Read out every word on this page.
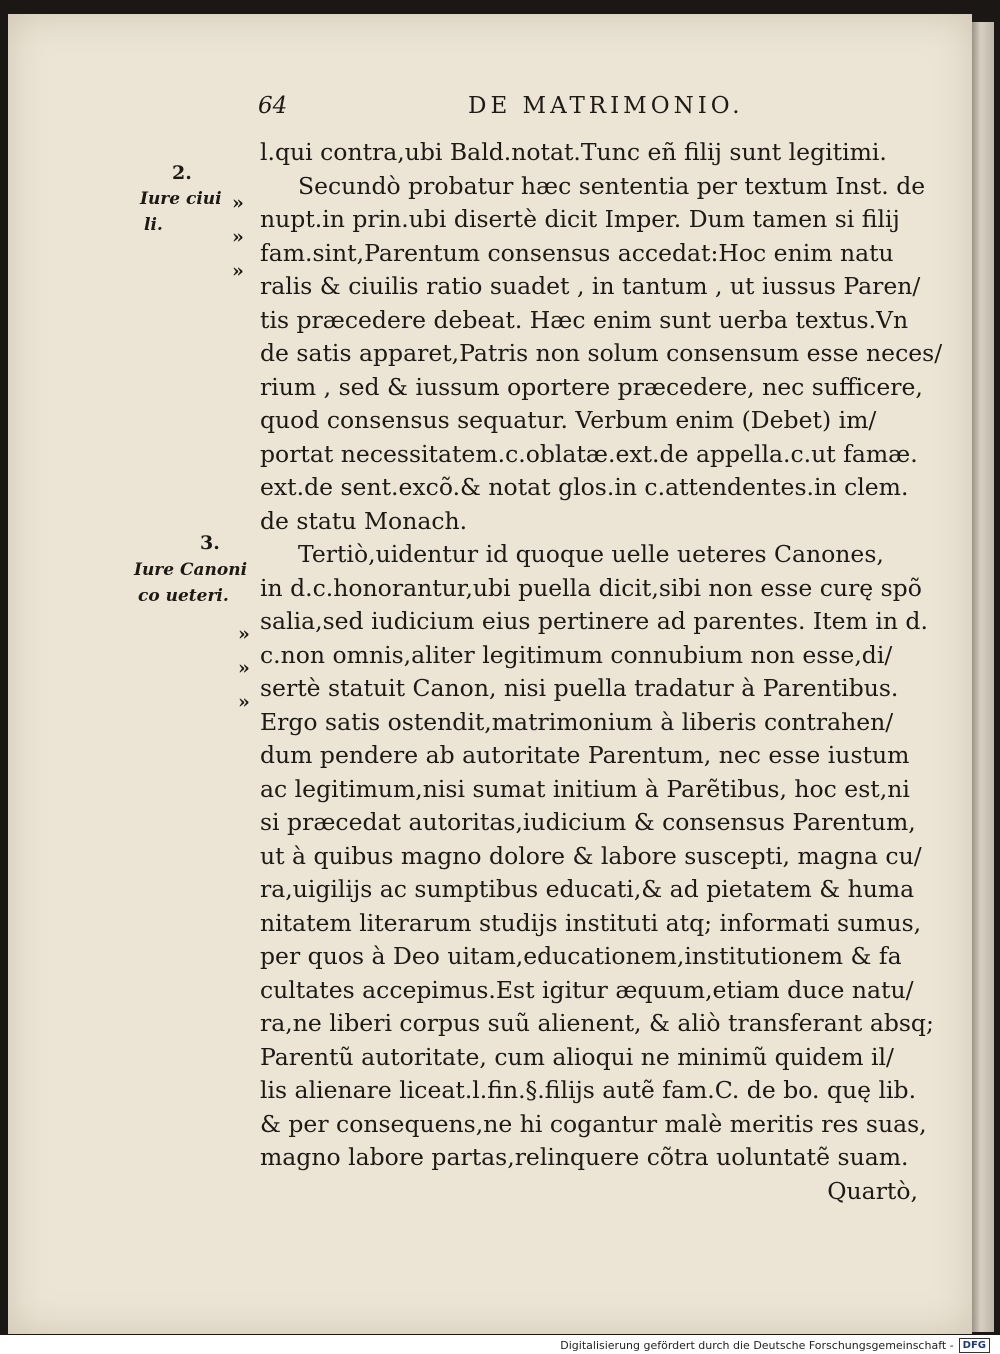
64	DE MATRIMONIO.
2.
Iure ciui
li.
»
»
»
3.
Iure Canoni
co ueteri.
»
»
»
l.qui contra,ubi Bald.notat.Tunc eñ filij sunt legitimi.
Secundò probatur hæc sententia per textum Inst. de
nupt.in prin.ubi disertè dicit Imper. Dum tamen si filij
fam.sint,Parentum consensus accedat:Hoc enim natu
ralis & ciuilis ratio suadet , in tantum , ut iussus Paren/
tis præcedere debeat. Hæc enim sunt uerba textus.Vn
de satis apparet,Patris non solum consensum esse neces/
rium , sed & iussum oportere præcedere, nec sufficere,
quod consensus sequatur. Verbum enim (Debet) im/
portat necessitatem.c.oblatæ.ext.de appella.c.ut famæ.
ext.de sent.excõ.& notat glos.in c.attendentes.in clem.
de statu Monach.
Tertiò,uidentur id quoque uelle ueteres Canones,
in d.c.honorantur,ubi puella dicit,sibi non esse curę spõ
salia,sed iudicium eius pertinere ad parentes. Item in d.
c.non omnis,aliter legitimum connubium non esse,di/
sertè statuit Canon, nisi puella tradatur à Parentibus.
Ergo satis ostendit,matrimonium à liberis contrahen/
dum pendere ab autoritate Parentum, nec esse iustum
ac legitimum,nisi sumat initium à Parẽtibus, hoc est,ni
si præcedat autoritas,iudicium & consensus Parentum,
ut à quibus magno dolore & labore suscepti, magna cu/
ra,uigilijs ac sumptibus educati,& ad pietatem & huma
nitatem literarum studijs instituti atq; informati sumus,
per quos à Deo uitam,educationem,institutionem & fa
cultates accepimus.Est igitur æquum,etiam duce natu/
ra,ne liberi corpus suũ alienent, & aliò transferant absq;
Parentũ autoritate, cum alioqui ne minimũ quidem il/
lis alienare liceat.l.fin.§.filijs autẽ fam.C. de bo. quę lib.
& per consequens,ne hi cogantur malè meritis res suas,
magno labore partas,relinquere cõtra uoluntatẽ suam.
Quartò,
Digitalisierung gefördert durch die Deutsche Forschungsgemeinschaft - DFG
